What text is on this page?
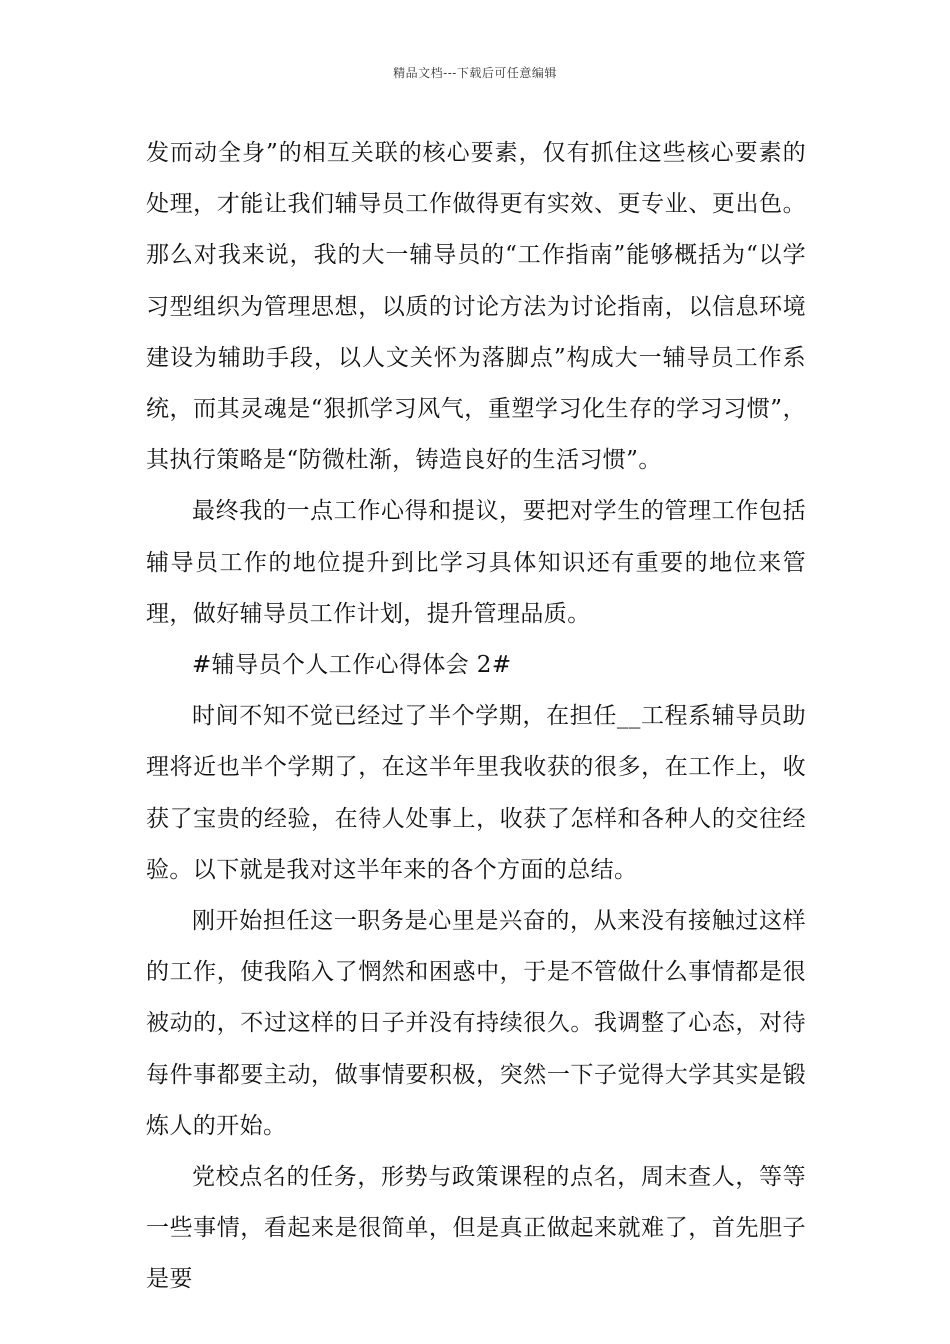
精品文档---下载后可任意编辑

发而动全身”的相互关联的核心要素，仅有抓住这些核心要素的处理，才能让我们辅导员工作做得更有实效、更专业、更出色。那么对我来说，我的大一辅导员的“工作指南”能够概括为“以学习型组织为管理思想，以质的讨论方法为讨论指南，以信息环境建设为辅助手段，以人文关怀为落脚点”构成大一辅导员工作系统，而其灵魂是“狠抓学习风气，重塑学习化生存的学习习惯”，其执行策略是“防微杜渐，铸造良好的生活习惯”。

最终我的一点工作心得和提议，要把对学生的管理工作包括辅导员工作的地位提升到比学习具体知识还有重要的地位来管理，做好辅导员工作计划，提升管理品质。

#辅导员个人工作心得体会 2#

时间不知不觉已经过了半个学期，在担任__工程系辅导员助理将近也半个学期了，在这半年里我收获的很多，在工作上，收获了宝贵的经验，在待人处事上，收获了怎样和各种人的交往经验。以下就是我对这半年来的各个方面的总结。

刚开始担任这一职务是心里是兴奋的，从来没有接触过这样的工作，使我陷入了惘然和困惑中，于是不管做什么事情都是很被动的，不过这样的日子并没有持续很久。我调整了心态，对待每件事都要主动，做事情要积极，突然一下子觉得大学其实是锻炼人的开始。

党校点名的任务，形势与政策课程的点名，周末查人，等等一些事情，看起来是很简单，但是真正做起来就难了，首先胆子是要
